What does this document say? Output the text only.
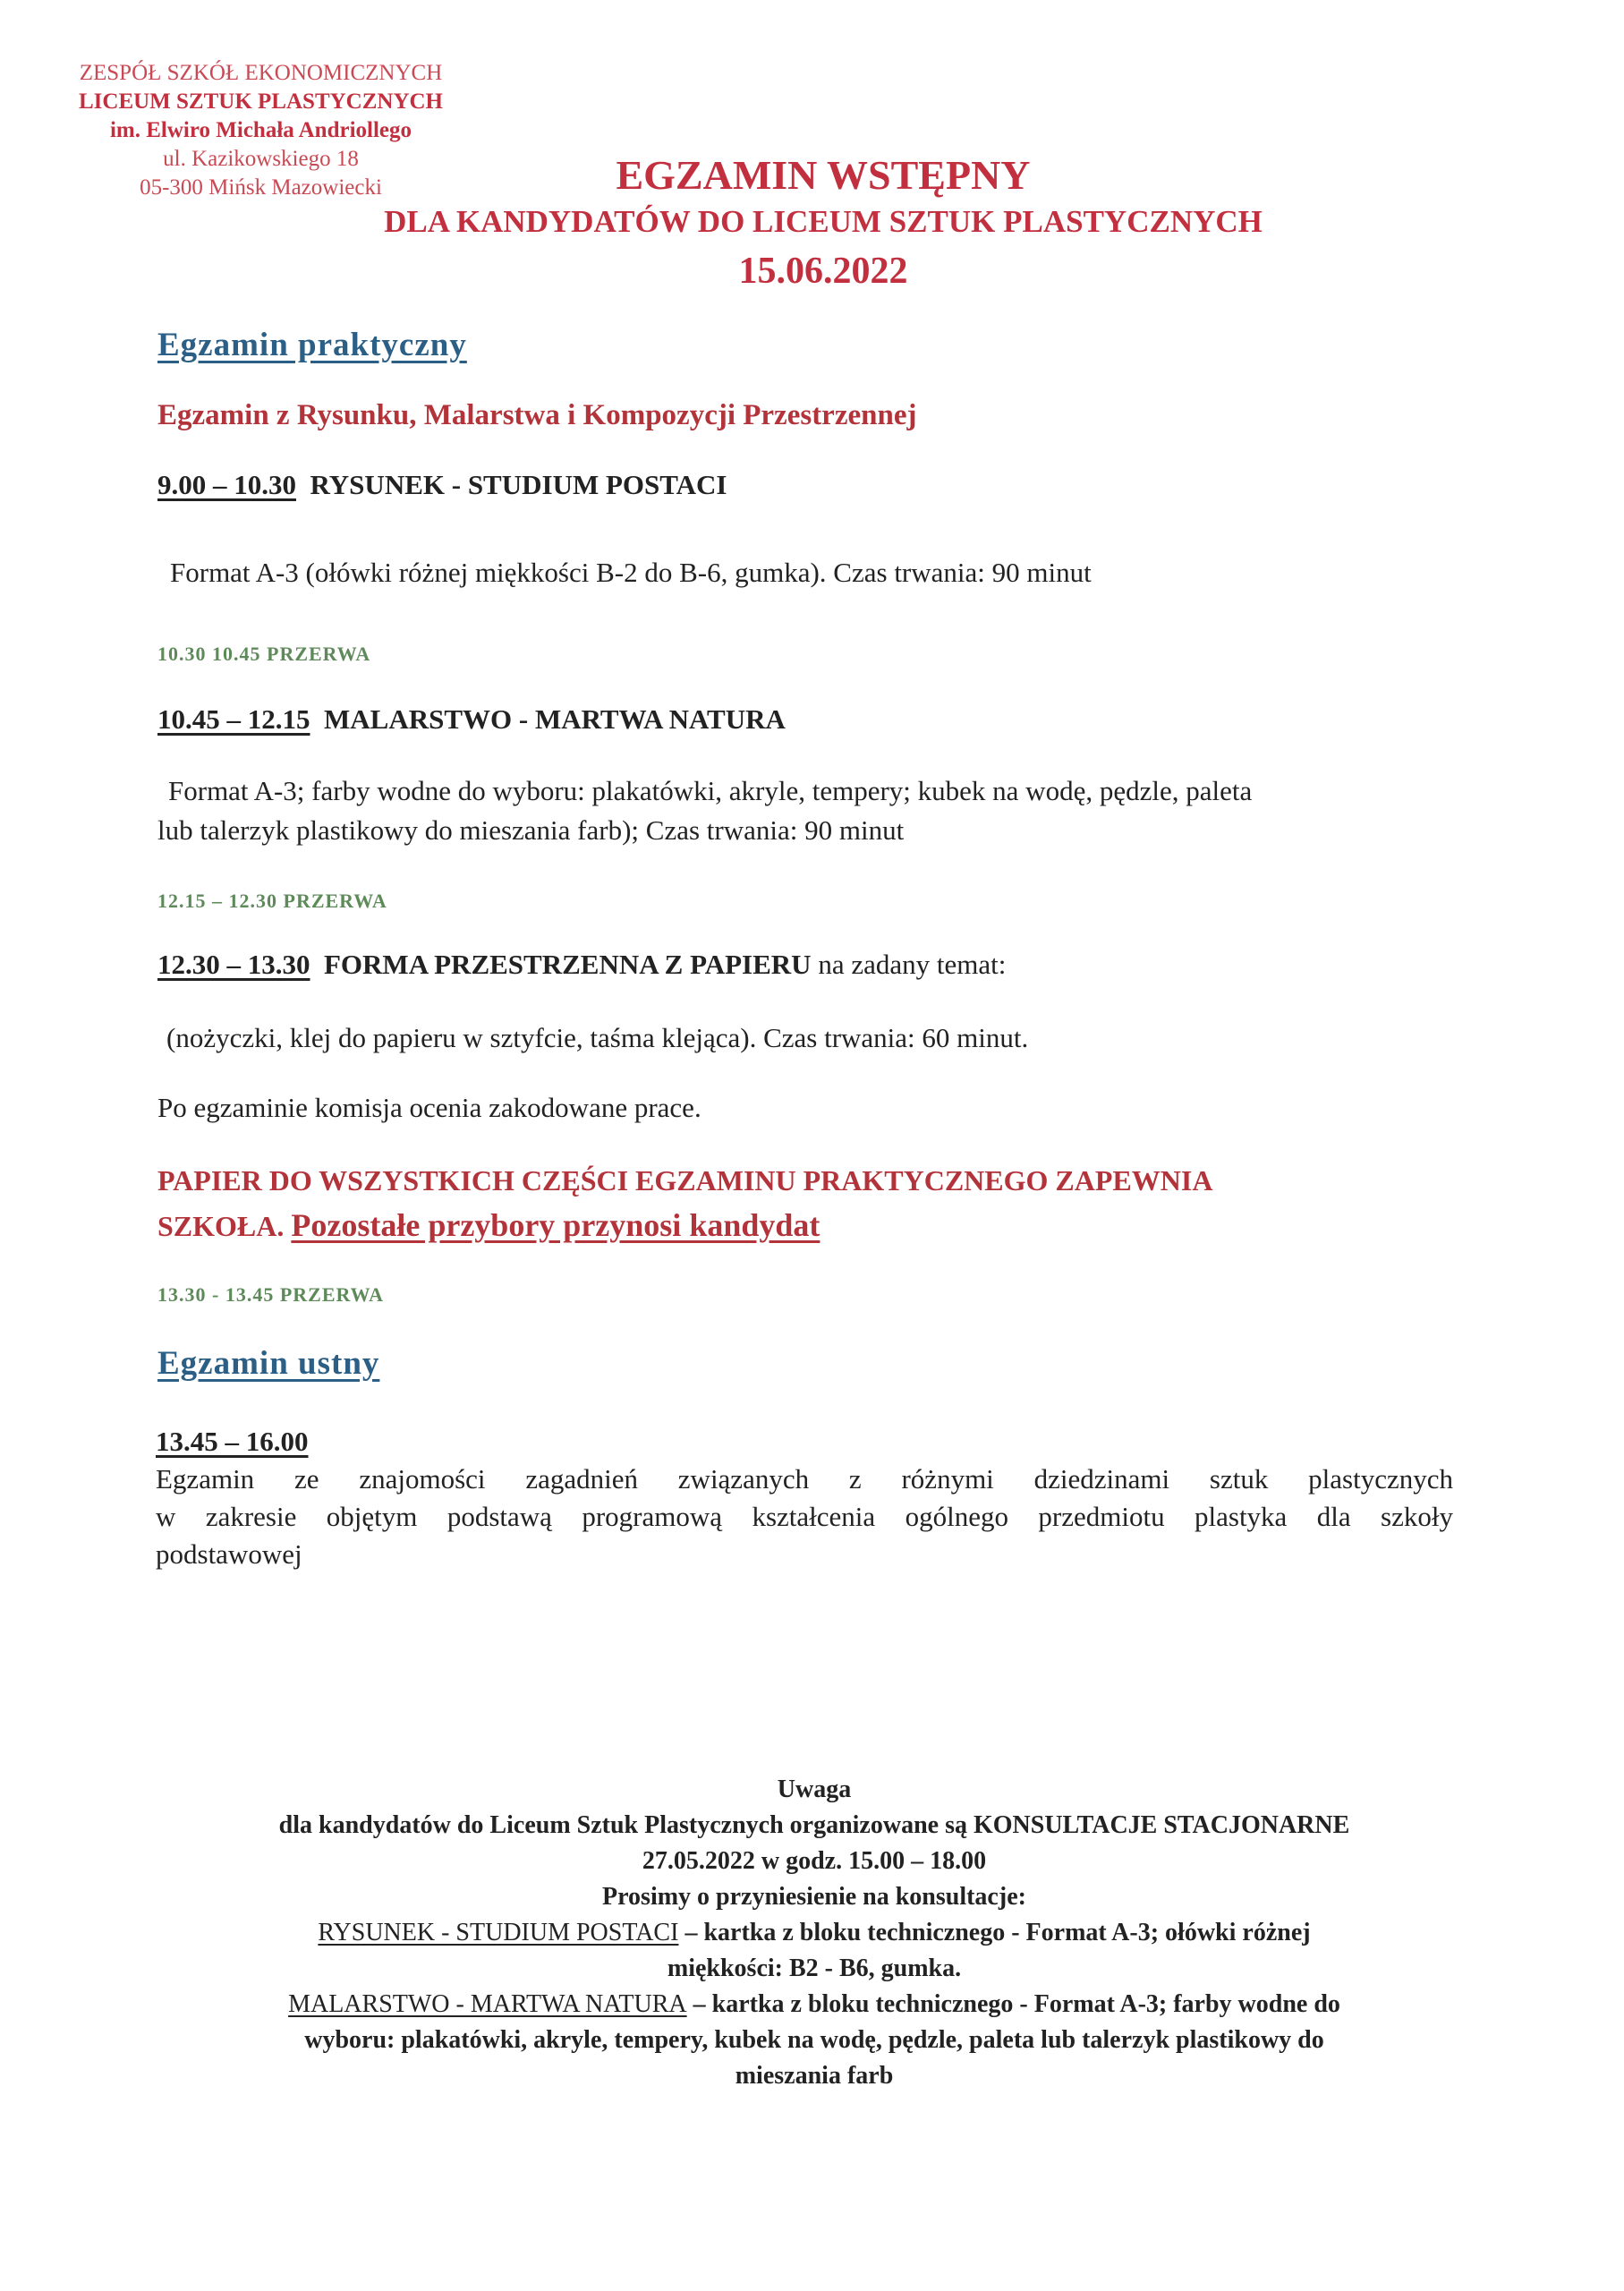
ZESPÓŁ SZKÓŁ EKONOMICZNYCH
LICEUM SZTUK PLASTYCZNYCH
im. Elwiro Michała Andriollego
ul. Kazikowskiego 18
05-300 Mińsk Mazowiecki	EGZAMIN WSTĘPNY
DLA KANDYDATÓW DO LICEUM SZTUK PLASTYCZNYCH
15.06.2022
Egzamin praktyczny
Egzamin z Rysunku, Malarstwa i Kompozycji Przestrzennej
9.00 – 10.30 RYSUNEK - STUDIUM POSTACI
Format A-3 (ołówki różnej miękkości B-2 do B-6, gumka). Czas trwania: 90 minut
10.30 10.45 PRZERWA
10.45 – 12.15 MALARSTWO - MARTWA NATURA
Format A-3; farby wodne do wyboru: plakatówki, akryle, tempery; kubek na wodę, pędzle, paleta
lub talerzyk plastikowy do mieszania farb); Czas trwania: 90 minut
12.15 – 12.30 PRZERWA
12.30 – 13.30 FORMA PRZESTRZENNA Z PAPIERU na zadany temat:
(nożyczki, klej do papieru w sztyfcie, taśma klejąca). Czas trwania: 60 minut.
Po egzaminie komisja ocenia zakodowane prace.
PAPIER DO WSZYSTKICH CZĘŚCI EGZAMINU PRAKTYCZNEGO ZAPEWNIA
SZKOŁA. Pozostałe przybory przynosi kandydat
13.30 - 13.45 PRZERWA
Egzamin ustny
13.45 – 16.00
Egzamin ze znajomości zagadnień związanych z różnymi dziedzinami sztuk plastycznych
w zakresie objętym podstawą programową kształcenia ogólnego przedmiotu plastyka dla szkoły
podstawowej
Uwaga
dla kandydatów do Liceum Sztuk Plastycznych organizowane są KONSULTACJE STACJONARNE
27.05.2022 w godz. 15.00 – 18.00
Prosimy o przyniesienie na konsultacje:
RYSUNEK - STUDIUM POSTACI – kartka z bloku technicznego - Format A-3; ołówki różnej
miękkości: B2 - B6, gumka.
MALARSTWO - MARTWA NATURA – kartka z bloku technicznego - Format A-3; farby wodne do
wyboru: plakatówki, akryle, tempery, kubek na wodę, pędzle, paleta lub talerzyk plastikowy do
mieszania farb
